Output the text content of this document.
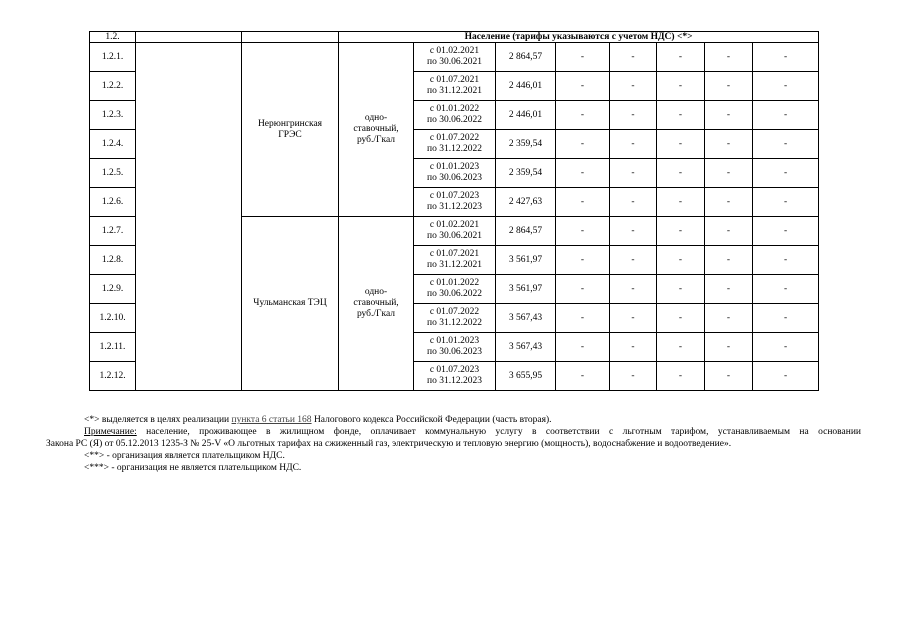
1.2.			Население (тарифы указываются с учетом НДС) <*>							
1.2.1.		Нерюнгринская ГРЭС	одно-ставочный, руб./Гкал	с 01.02.2021
по 30.06.2021	2 864,57	-	-	-	-	-
1.2.2.				с 01.07.2021
по 31.12.2021	2 446,01	-	-	-	-	-
1.2.3.				с 01.01.2022
по 30.06.2022	2 446,01	-	-	-	-	-
1.2.4.				с 01.07.2022
по 31.12.2022	2 359,54	-	-	-	-	-
1.2.5.				с 01.01.2023
по 30.06.2023	2 359,54	-	-	-	-	-
1.2.6.				с 01.07.2023
по 31.12.2023	2 427,63	-	-	-	-	-
1.2.7.		Чульманская ТЭЦ	одно-ставочный, руб./Гкал	с 01.02.2021
по 30.06.2021	2 864,57	-	-	-	-	-
1.2.8.				с 01.07.2021
по 31.12.2021	3 561,97	-	-	-	-	-
1.2.9.				с 01.01.2022
по 30.06.2022	3 561,97	-	-	-	-	-
1.2.10.				с 01.07.2022
по 31.12.2022	3 567,43	-	-	-	-	-
1.2.11.				с 01.01.2023
по 30.06.2023	3 567,43	-	-	-	-	-
1.2.12.				с 01.07.2023
по 31.12.2023	3 655,95	-	-	-	-	-

<*> выделяется в целях реализации пункта 6 статьи 168 Налогового кодекса Российской Федерации (часть вторая).

Примечание: население, проживающее в жилищном фонде, оплачивает коммунальную услугу в соответствии с льготным тарифом, устанавливаемым на основании

Закона РС (Я) от 05.12.2013 1235-З № 25-V «О льготных тарифах на сжиженный газ, электрическую и тепловую энергию (мощность), водоснабжение и водоотведение».

<**> - организация является плательщиком НДС.

<***> - организация не является плательщиком НДС.
